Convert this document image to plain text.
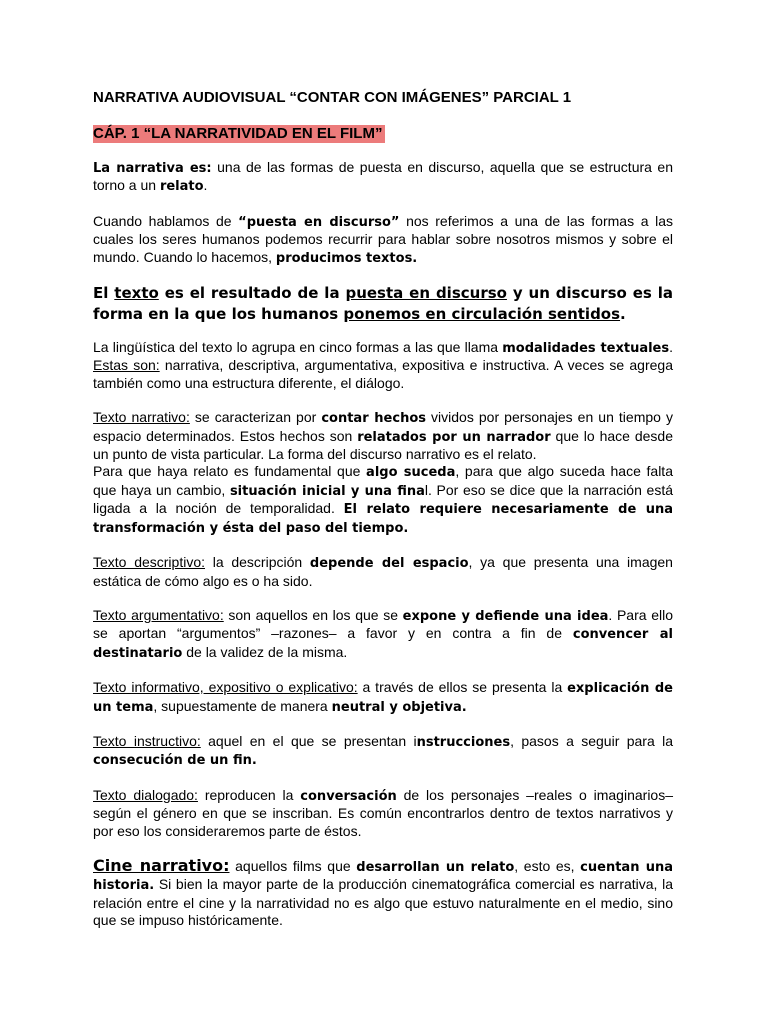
NARRATIVA AUDIOVISUAL “CONTAR CON IMÁGENES” PARCIAL 1
CÁP. 1 “LA NARRATIVIDAD EN EL FILM”

La narrativa es: una de las formas de puesta en discurso, aquella que se estructura en torno a un relato.

Cuando hablamos de “puesta en discurso” nos referimos a una de las formas a las cuales los seres humanos podemos recurrir para hablar sobre nosotros mismos y sobre el mundo. Cuando lo hacemos, producimos textos.

El texto es el resultado de la puesta en discurso y un discurso es la forma en la que los humanos ponemos en circulación sentidos.

La lingüística del texto lo agrupa en cinco formas a las que llama modalidades textuales. Estas son: narrativa, descriptiva, argumentativa, expositiva e instructiva. A veces se agrega también como una estructura diferente, el diálogo.

Texto narrativo: se caracterizan por contar hechos vividos por personajes en un tiempo y espacio determinados. Estos hechos son relatados por un narrador que lo hace desde un punto de vista particular. La forma del discurso narrativo es el relato.

Para que haya relato es fundamental que algo suceda, para que algo suceda hace falta que haya un cambio, situación inicial y una final. Por eso se dice que la narración está ligada a la noción de temporalidad. El relato requiere necesariamente de una transformación y ésta del paso del tiempo.

Texto descriptivo: la descripción depende del espacio, ya que presenta una imagen estática de cómo algo es o ha sido.

Texto argumentativo: son aquellos en los que se expone y defiende una idea. Para ello se aportan “argumentos” –razones– a favor y en contra a fin de convencer al destinatario de la validez de la misma.

Texto informativo, expositivo o explicativo: a través de ellos se presenta la explicación de un tema, supuestamente de manera neutral y objetiva.

Texto instructivo: aquel en el que se presentan instrucciones, pasos a seguir para la consecución de un fin.

Texto dialogado: reproducen la conversación de los personajes –reales o imaginarios– según el género en que se inscriban. Es común encontrarlos dentro de textos narrativos y por eso los consideraremos parte de éstos.

Cine narrativo: aquellos films que desarrollan un relato, esto es, cuentan una historia. Si bien la mayor parte de la producción cinematográfica comercial es narrativa, la relación entre el cine y la narratividad no es algo que estuvo naturalmente en el medio, sino que se impuso históricamente.
